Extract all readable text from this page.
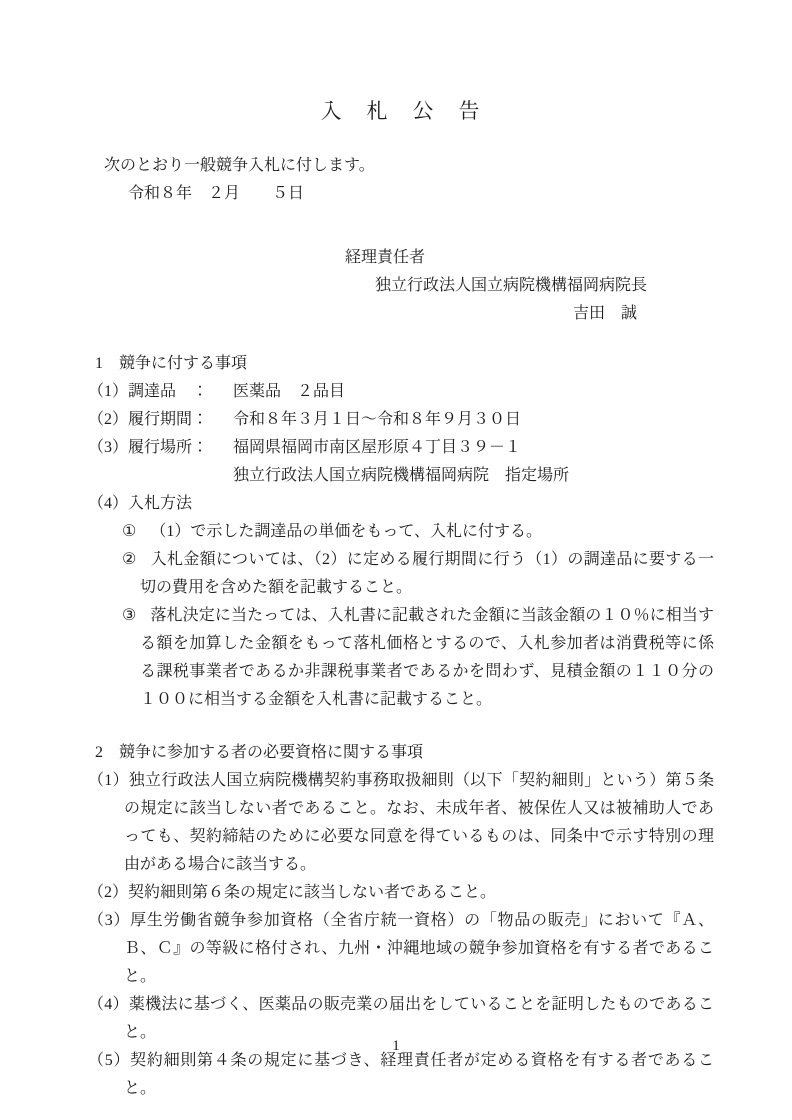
入　札　公　告
次のとおり一般競争入札に付します。
令和８年　２月　　５日
経理責任者
独立行政法人国立病院機構福岡病院長
吉田　誠
1　競争に付する事項
（1）調達品　： 医薬品　２品目
（2）履行期間： 令和８年３月１日～令和８年９月３０日
（3）履行場所： 福岡県福岡市南区屋形原４丁目３９－１
独立行政法人国立病院機構福岡病院　指定場所
（4）入札方法
① （1）で示した調達品の単価をもって、入札に付する。
② 入札金額については、（2）に定める履行期間に行う（1）の調達品に要する一切の費用を含めた額を記載すること。
③ 落札決定に当たっては、入札書に記載された金額に当該金額の１０％に相当する額を加算した金額をもって落札価格とするので、入札参加者は消費税等に係る課税事業者であるか非課税事業者であるかを問わず、見積金額の１１０分の１００に相当する金額を入札書に記載すること。
2　競争に参加する者の必要資格に関する事項
（1）独立行政法人国立病院機構契約事務取扱細則（以下「契約細則」という）第５条の規定に該当しない者であること。なお、未成年者、被保佐人又は被補助人であっても、契約締結のために必要な同意を得ているものは、同条中で示す特別の理由がある場合に該当する。
（2）契約細則第６条の規定に該当しない者であること。
（3）厚生労働省競争参加資格（全省庁統一資格）の「物品の販売」において『Ａ、Ｂ、Ｃ』の等級に格付され、九州・沖縄地域の競争参加資格を有する者であること。
（4）薬機法に基づく、医薬品の販売業の届出をしていることを証明したものであること。
（5）契約細則第４条の規定に基づき、経理責任者が定める資格を有する者であること。
1
